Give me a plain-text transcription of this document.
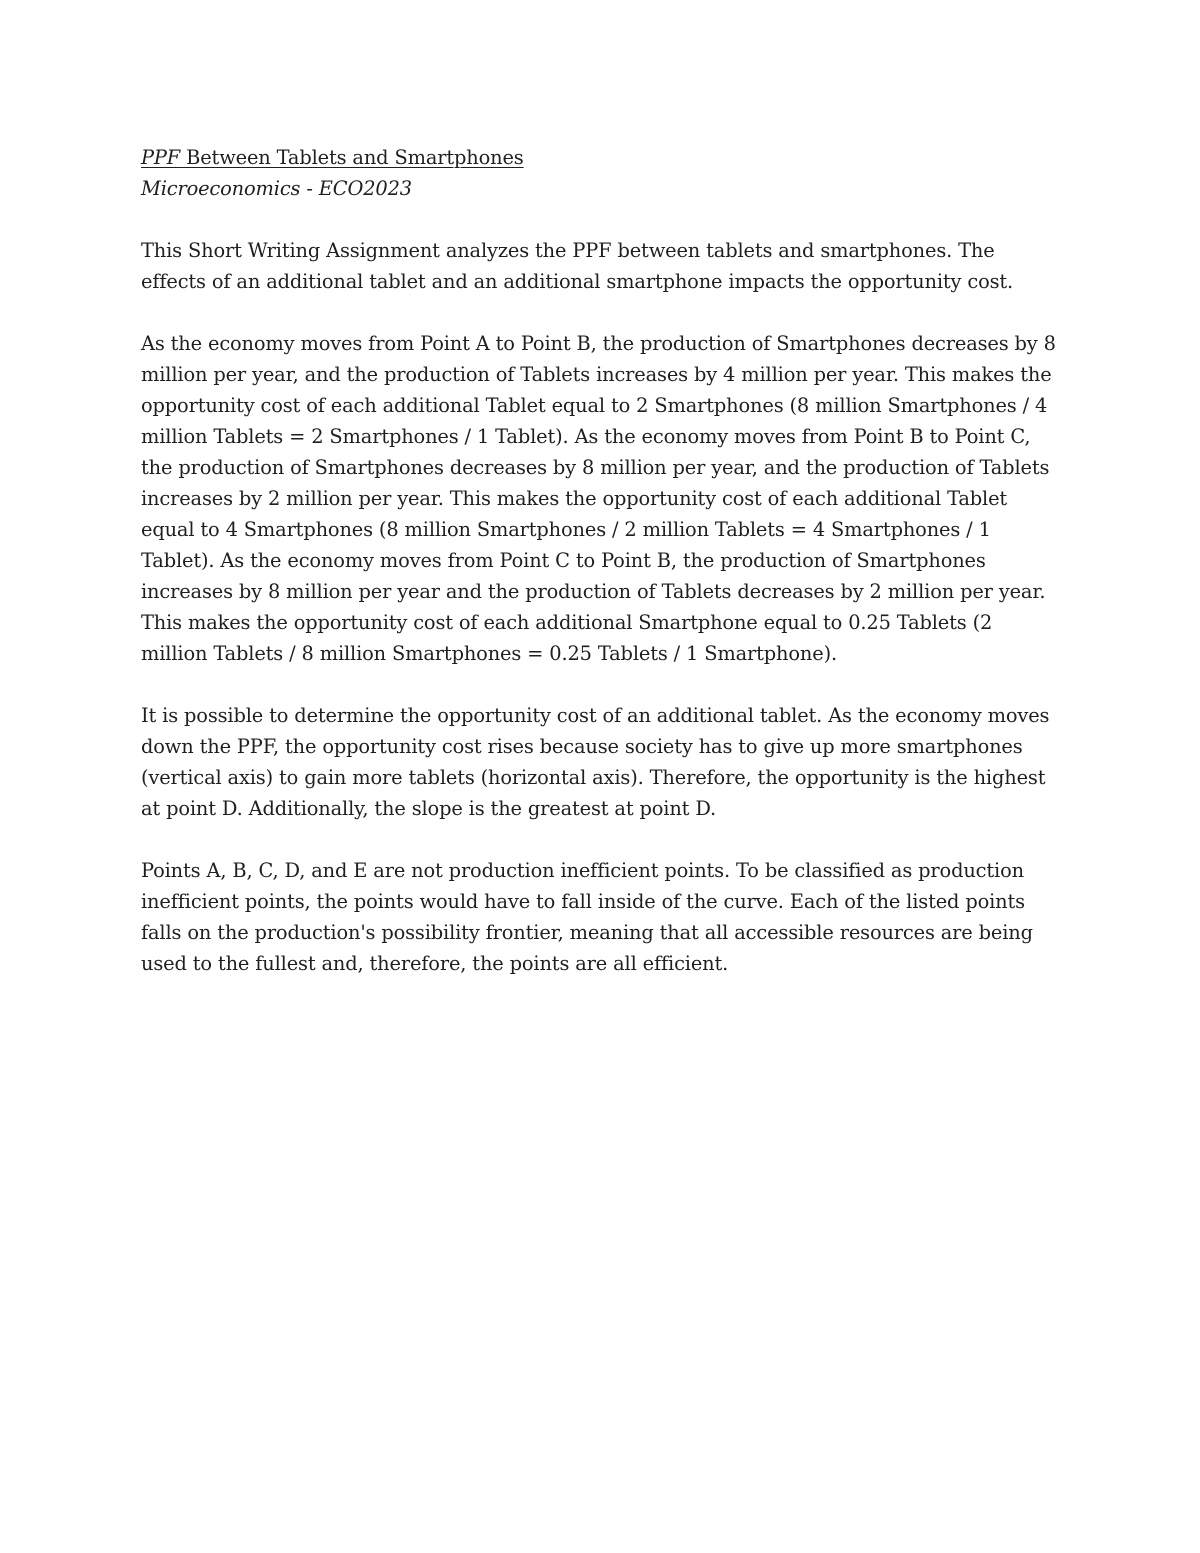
PPF Between Tablets and Smartphones

Microeconomics - ECO2023

This Short Writing Assignment analyzes the PPF between tablets and smartphones. The effects of an additional tablet and an additional smartphone impacts the opportunity cost.

As the economy moves from Point A to Point B, the production of Smartphones decreases by 8 million per year, and the production of Tablets increases by 4 million per year. This makes the opportunity cost of each additional Tablet equal to 2 Smartphones (8 million Smartphones / 4 million Tablets = 2 Smartphones / 1 Tablet). As the economy moves from Point B to Point C, the production of Smartphones decreases by 8 million per year, and the production of Tablets increases by 2 million per year. This makes the opportunity cost of each additional Tablet equal to 4 Smartphones (8 million Smartphones / 2 million Tablets = 4 Smartphones / 1 Tablet). As the economy moves from Point C to Point B, the production of Smartphones increases by 8 million per year and the production of Tablets decreases by 2 million per year. This makes the opportunity cost of each additional Smartphone equal to 0.25 Tablets (2 million Tablets / 8 million Smartphones = 0.25 Tablets / 1 Smartphone).

It is possible to determine the opportunity cost of an additional tablet. As the economy moves down the PPF, the opportunity cost rises because society has to give up more smartphones (vertical axis) to gain more tablets (horizontal axis). Therefore, the opportunity is the highest at point D. Additionally, the slope is the greatest at point D.

Points A, B, C, D, and E are not production inefficient points. To be classified as production inefficient points, the points would have to fall inside of the curve. Each of the listed points falls on the production's possibility frontier, meaning that all accessible resources are being used to the fullest and, therefore, the points are all efficient.
